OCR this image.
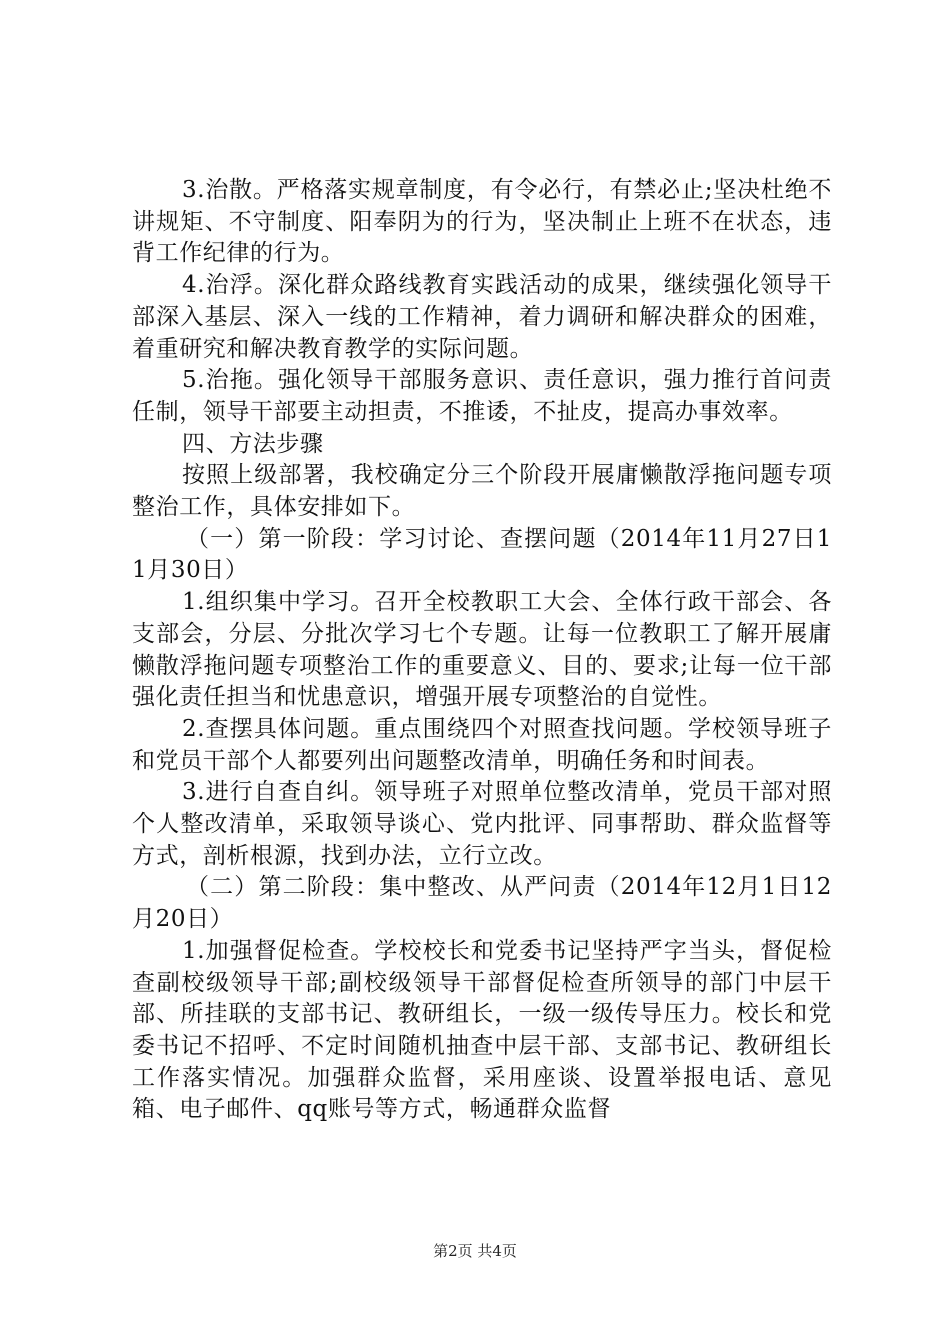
3.治散。严格落实规章制度，有令必行，有禁必止;坚决杜绝不讲规矩、不守制度、阳奉阴为的行为，坚决制止上班不在状态，违背工作纪律的行为。

4.治浮。深化群众路线教育实践活动的成果，继续强化领导干部深入基层、深入一线的工作精神，着力调研和解决群众的困难，着重研究和解决教育教学的实际问题。

5.治拖。强化领导干部服务意识、责任意识，强力推行首问责任制，领导干部要主动担责，不推诿，不扯皮，提高办事效率。

四、方法步骤

按照上级部署，我校确定分三个阶段开展庸懒散浮拖问题专项整治工作，具体安排如下。

（一）第一阶段：学习讨论、查摆问题（2014年11月27日11月30日）

1.组织集中学习。召开全校教职工大会、全体行政干部会、各支部会，分层、分批次学习七个专题。让每一位教职工了解开展庸懒散浮拖问题专项整治工作的重要意义、目的、要求;让每一位干部强化责任担当和忧患意识，增强开展专项整治的自觉性。

2.查摆具体问题。重点围绕四个对照查找问题。学校领导班子和党员干部个人都要列出问题整改清单，明确任务和时间表。

3.进行自查自纠。领导班子对照单位整改清单，党员干部对照个人整改清单，采取领导谈心、党内批评、同事帮助、群众监督等方式，剖析根源，找到办法，立行立改。

（二）第二阶段：集中整改、从严问责（2014年12月1日12月20日）

1.加强督促检查。学校校长和党委书记坚持严字当头，督促检查副校级领导干部;副校级领导干部督促检查所领导的部门中层干部、所挂联的支部书记、教研组长，一级一级传导压力。校长和党委书记不招呼、不定时间随机抽查中层干部、支部书记、教研组长工作落实情况。加强群众监督，采用座谈、设置举报电话、意见箱、电子邮件、qq账号等方式，畅通群众监督

第2页 共4页
